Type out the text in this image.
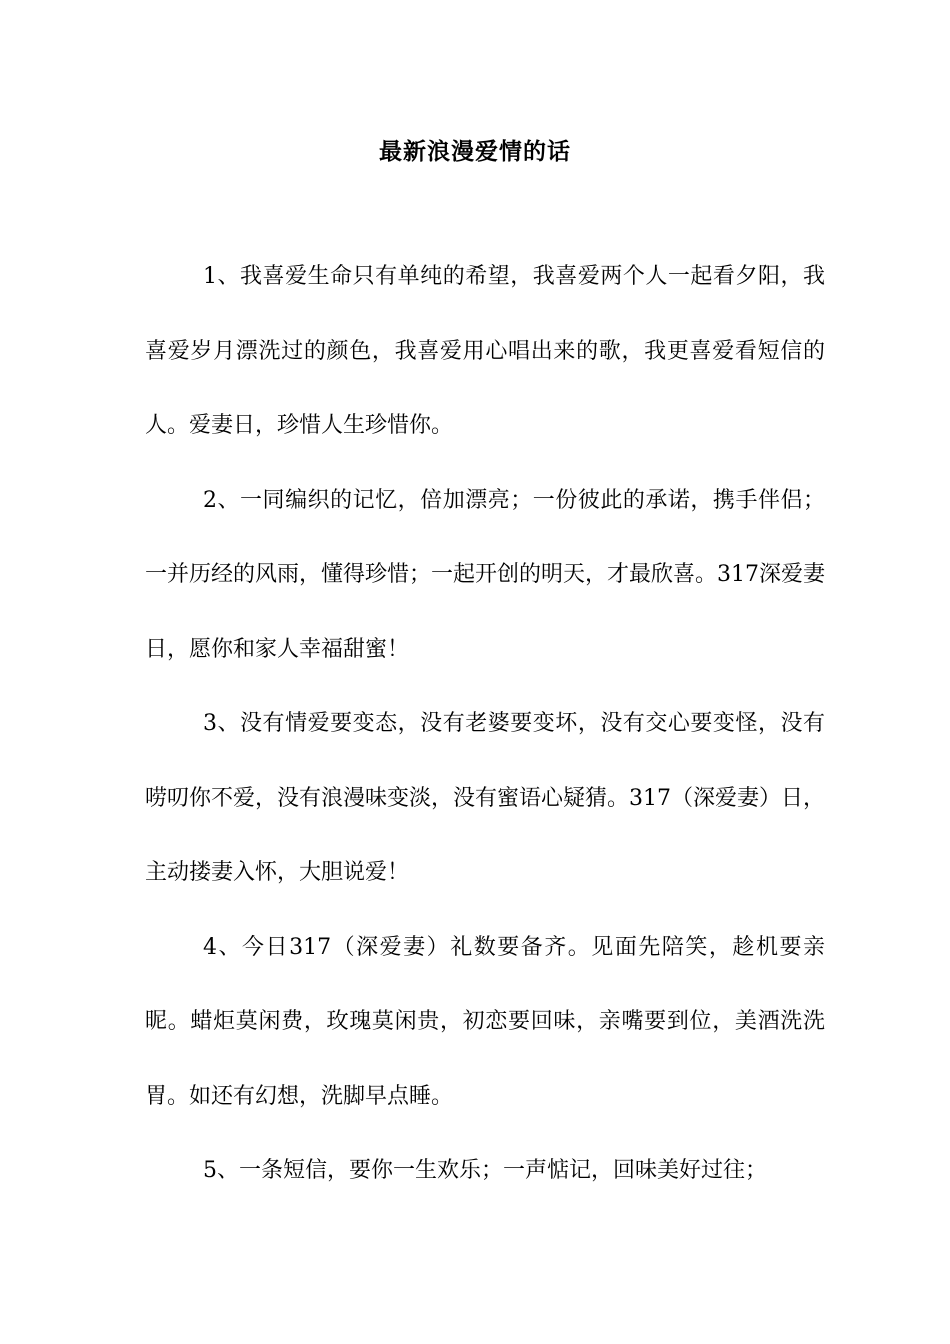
最新浪漫爱情的话

1、我喜爱生命只有单纯的希望，我喜爱两个人一起看夕阳，我喜爱岁月漂洗过的颜色，我喜爱用心唱出来的歌，我更喜爱看短信的人。爱妻日，珍惜人生珍惜你。

2、一同编织的记忆，倍加漂亮；一份彼此的承诺，携手伴侣；一并历经的风雨，懂得珍惜；一起开创的明天，才最欣喜。317深爱妻日，愿你和家人幸福甜蜜！

3、没有情爱要变态，没有老婆要变坏，没有交心要变怪，没有唠叨你不爱，没有浪漫味变淡，没有蜜语心疑猜。317（深爱妻）日，主动搂妻入怀，大胆说爱！

4、今日317（深爱妻）礼数要备齐。见面先陪笑，趁机要亲昵。蜡炬莫闲费，玫瑰莫闲贵，初恋要回味，亲嘴要到位，美酒洗洗胃。如还有幻想，洗脚早点睡。

5、一条短信，要你一生欢乐；一声惦记，回味美好过往；
